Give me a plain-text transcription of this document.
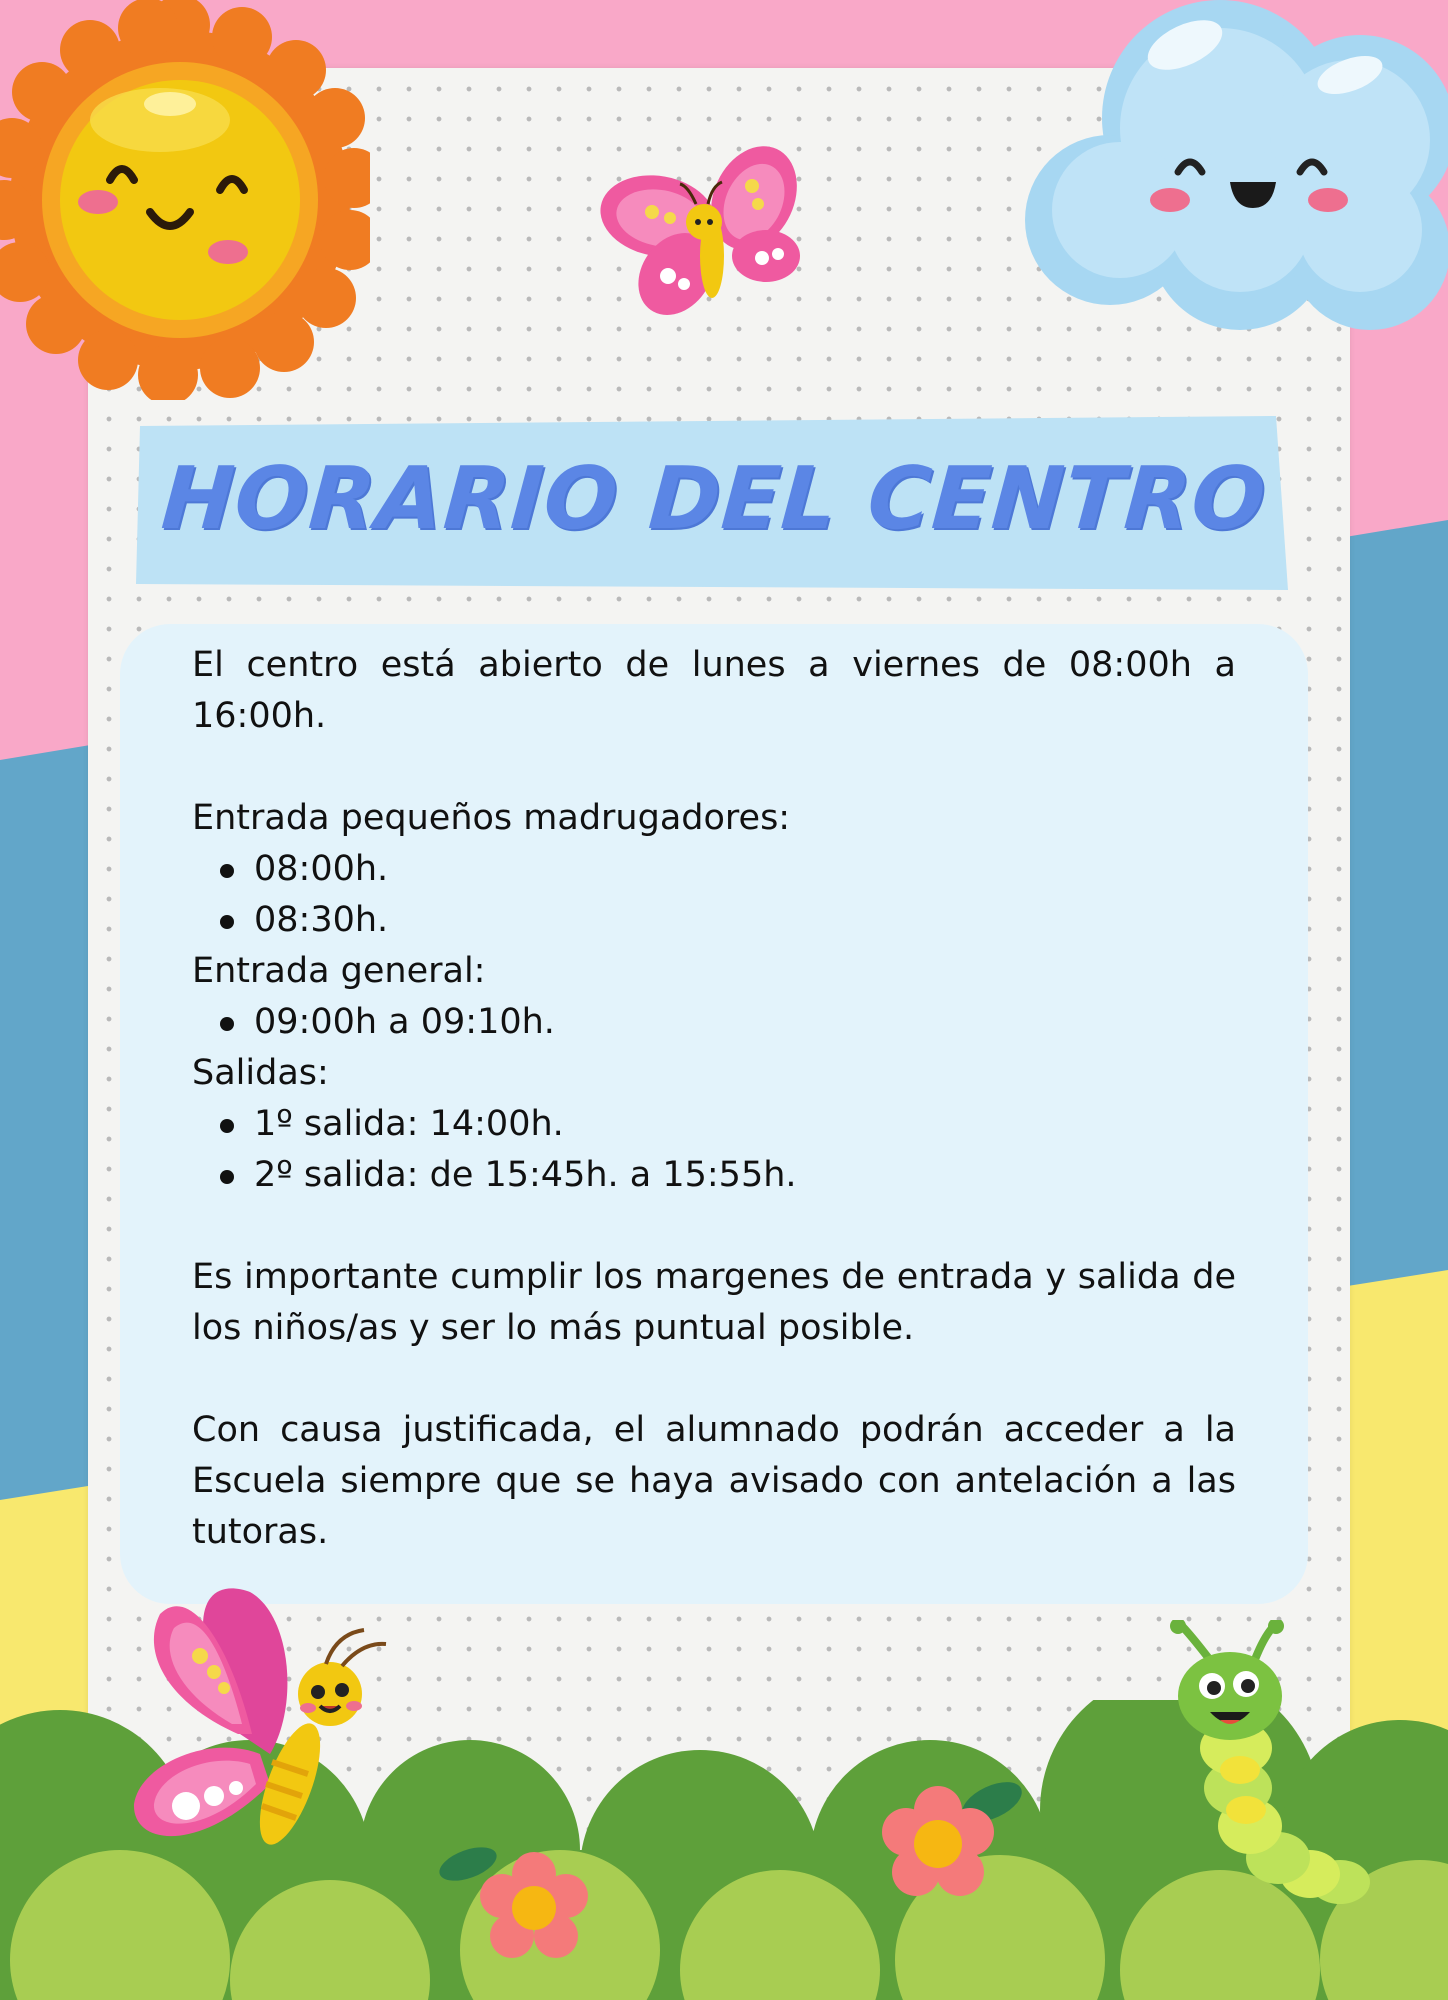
HORARIO DEL CENTRO

El centro está abierto de lunes a viernes de 08:00h a 16:00h.

Entrada pequeños madrugadores:

08:00h.
08:30h.

Entrada general:

09:00h a 09:10h.

Salidas:

1º salida: 14:00h.
2º salida: de 15:45h. a 15:55h.

Es importante cumplir los margenes de entrada y salida de los niños/as y ser lo más puntual posible.

Con causa justificada, el alumnado podrán acceder a la Escuela siempre que se haya avisado con antelación a las tutoras.
